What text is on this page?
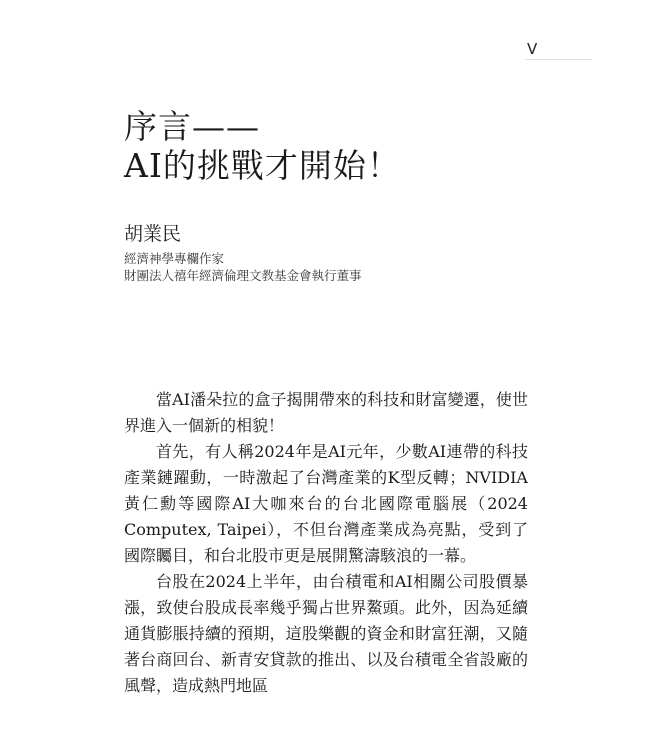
V
序言——
AI的挑戰才開始！
胡業民
經濟神學專欄作家
財團法人禧年經濟倫理文教基金會執行董事

當AI潘朵拉的盒子揭開帶來的科技和財富變遷，使世界進入一個新的相貌！

首先，有人稱2024年是AI元年，少數AI連帶的科技產業鏈躍動，一時激起了台灣產業的K型反轉；NVIDIA黃仁勳等國際AI大咖來台的台北國際電腦展（2024 Computex, Taipei），不但台灣產業成為亮點，受到了國際矚目，和台北股市更是展開驚濤駭浪的一幕。

台股在2024上半年，由台積電和AI相關公司股價暴漲，致使台股成長率幾乎獨占世界鰲頭。此外，因為延續通貨膨脹持續的預期，這股樂觀的資金和財富狂潮，又隨著台商回台、新青安貸款的推出、以及台積電全省設廠的風聲，造成熱門地區
